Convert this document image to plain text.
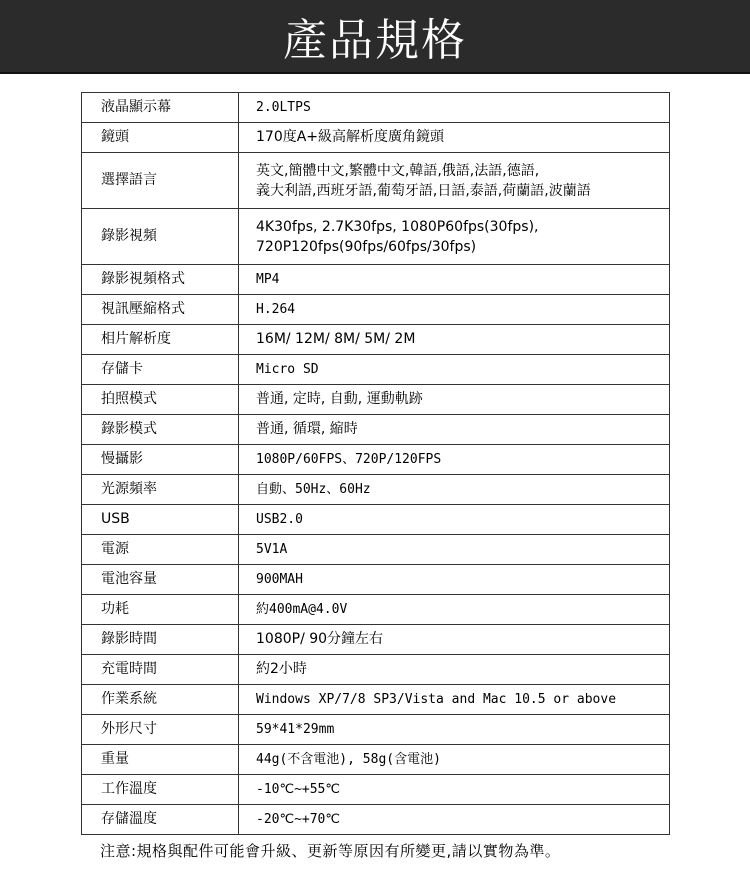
產品規格
液晶顯示幕	2.0LTPS
鏡頭	170度A+級高解析度廣角鏡頭
選擇語言	英文,簡體中文,繁體中文,韓語,俄語,法語,德語,
義大利語,西班牙語,葡萄牙語,日語,泰語,荷蘭語,波蘭語

錄影視頻	4K30fps, 2.7K30fps, 1080P60fps(30fps),
720P120fps(90fps/60fps/30fps)

錄影視頻格式	MP4
視訊壓縮格式	H.264
相片解析度	16M/ 12M/ 8M/ 5M/ 2M
存儲卡	Micro SD
拍照模式	普通, 定時, 自動, 運動軌跡
錄影模式	普通, 循環, 縮時
慢攝影	1080P/60FPS、720P/120FPS
光源頻率	自動、50Hz、60Hz
USB	USB2.0
電源	5V1A
電池容量	900MAH
功耗	約400mA@4.0V
錄影時間	1080P/ 90分鐘左右
充電時間	約2小時
作業系統	Windows XP/7/8 SP3/Vista and Mac 10.5 or above
外形尺寸	59*41*29mm
重量	44g(不含電池), 58g(含電池)
工作溫度	-10℃~+55℃
存儲溫度	-20℃~+70℃
注意:規格與配件可能會升級、更新等原因有所變更,請以實物為準。
